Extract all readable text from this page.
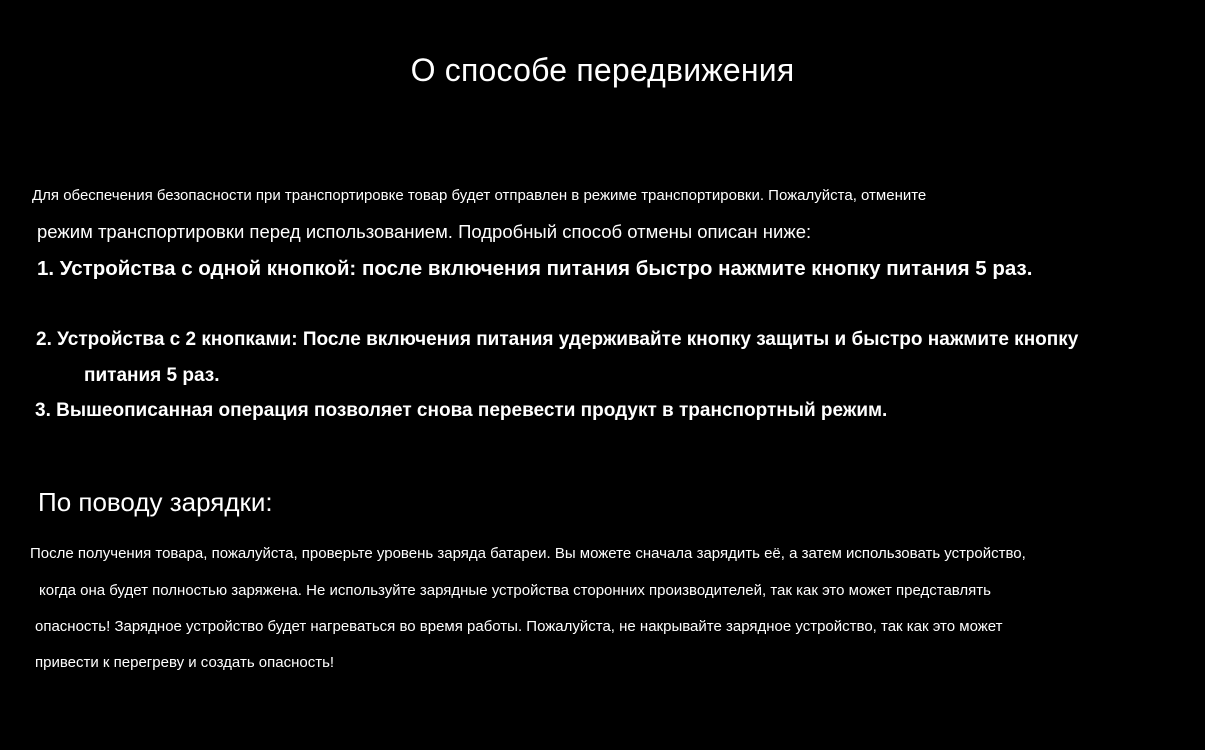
О способе передвижения

Для обеспечения безопасности при транспортировке товар будет отправлен в режиме транспортировки. Пожалуйста, отмените

режим транспортировки перед использованием. Подробный способ отмены описан ниже:

1. Устройства с одной кнопкой: после включения питания быстро нажмите кнопку питания 5 раз.

2. Устройства с 2 кнопками: После включения питания удерживайте кнопку защиты и быстро нажмите кнопку

питания 5 раз.

3. Вышеописанная операция позволяет снова перевести продукт в транспортный режим.

По поводу зарядки:

После получения товара, пожалуйста, проверьте уровень заряда батареи. Вы можете сначала зарядить её, а затем использовать устройство,

когда она будет полностью заряжена. Не используйте зарядные устройства сторонних производителей, так как это может представлять

опасность! Зарядное устройство будет нагреваться во время работы. Пожалуйста, не накрывайте зарядное устройство, так как это может

привести к перегреву и создать опасность!
